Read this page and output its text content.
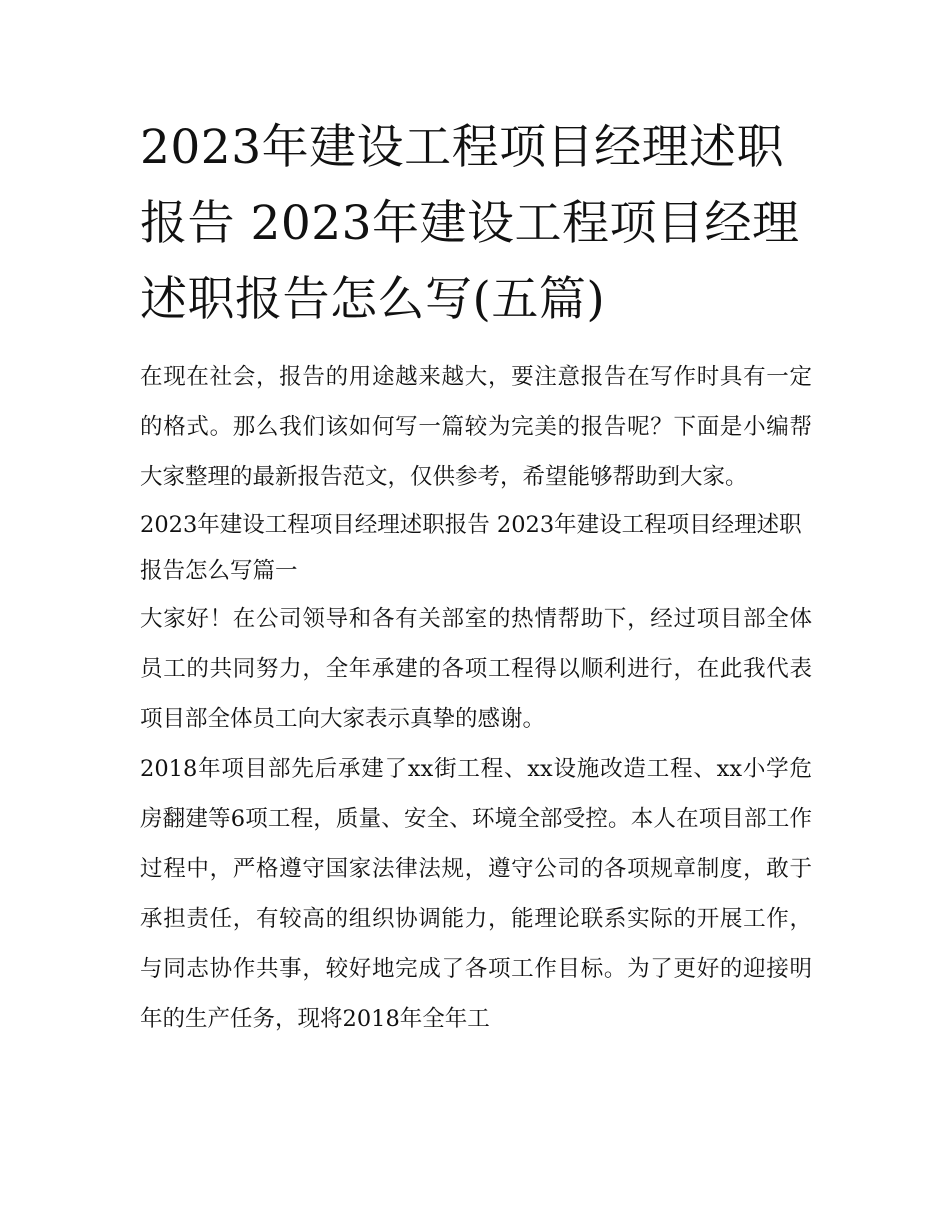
2023年建设工程项目经理述职报告 2023年建设工程项目经理述职报告怎么写(五篇)

在现在社会，报告的用途越来越大，要注意报告在写作时具有一定的格式。那么我们该如何写一篇较为完美的报告呢？下面是小编帮大家整理的最新报告范文，仅供参考，希望能够帮助到大家。

2023年建设工程项目经理述职报告 2023年建设工程项目经理述职报告怎么写篇一

大家好！在公司领导和各有关部室的热情帮助下，经过项目部全体员工的共同努力，全年承建的各项工程得以顺利进行，在此我代表项目部全体员工向大家表示真挚的感谢。

2018年项目部先后承建了xx街工程、xx设施改造工程、xx小学危房翻建等6项工程，质量、安全、环境全部受控。本人在项目部工作过程中，严格遵守国家法律法规，遵守公司的各项规章制度，敢于承担责任，有较高的组织协调能力，能理论联系实际的开展工作，与同志协作共事，较好地完成了各项工作目标。为了更好的迎接明年的生产任务，现将2018年全年工
